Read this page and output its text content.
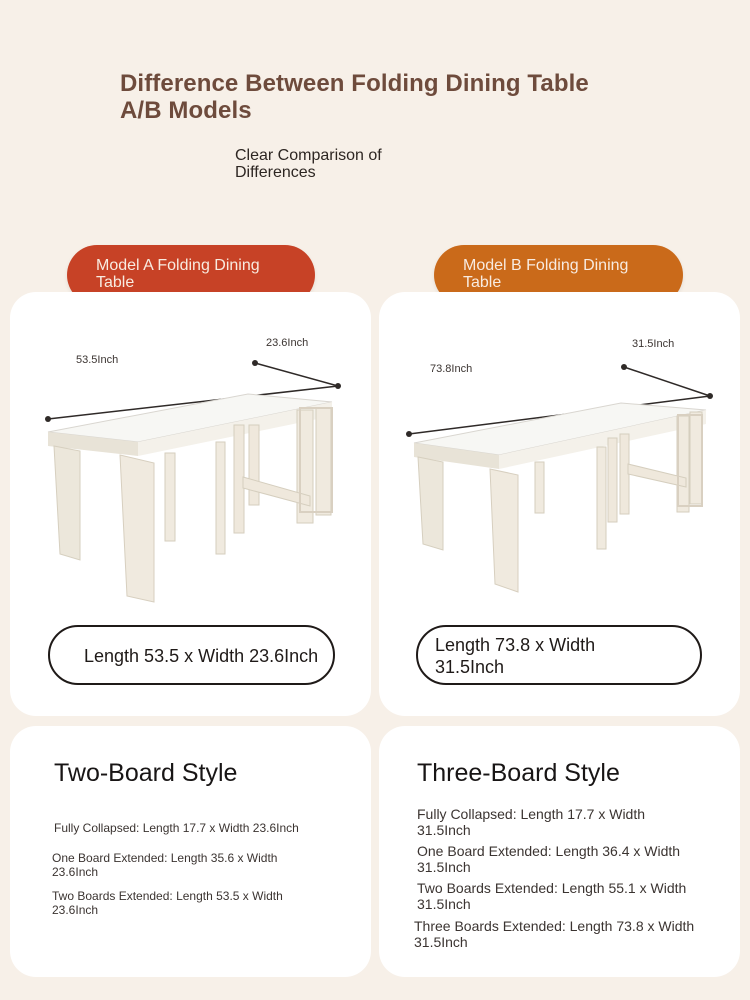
Difference Between Folding Dining Table A/B Models
Clear Comparison of Differences
Model A Folding Dining Table
Model B Folding Dining Table
53.5Inch
23.6Inch
Length 53.5 x Width 23.6Inch
73.8Inch
31.5Inch
Length 73.8 x Width 31.5Inch
Two-Board Style
Fully Collapsed: Length 17.7 x Width 23.6Inch
One Board Extended: Length 35.6 x Width 23.6Inch
Two Boards Extended: Length 53.5 x Width 23.6Inch
Three-Board Style
Fully Collapsed: Length 17.7 x Width 31.5Inch
One Board Extended: Length 36.4 x Width 31.5Inch
Two Boards Extended: Length 55.1 x Width 31.5Inch
Three Boards Extended: Length 73.8 x Width 31.5Inch
